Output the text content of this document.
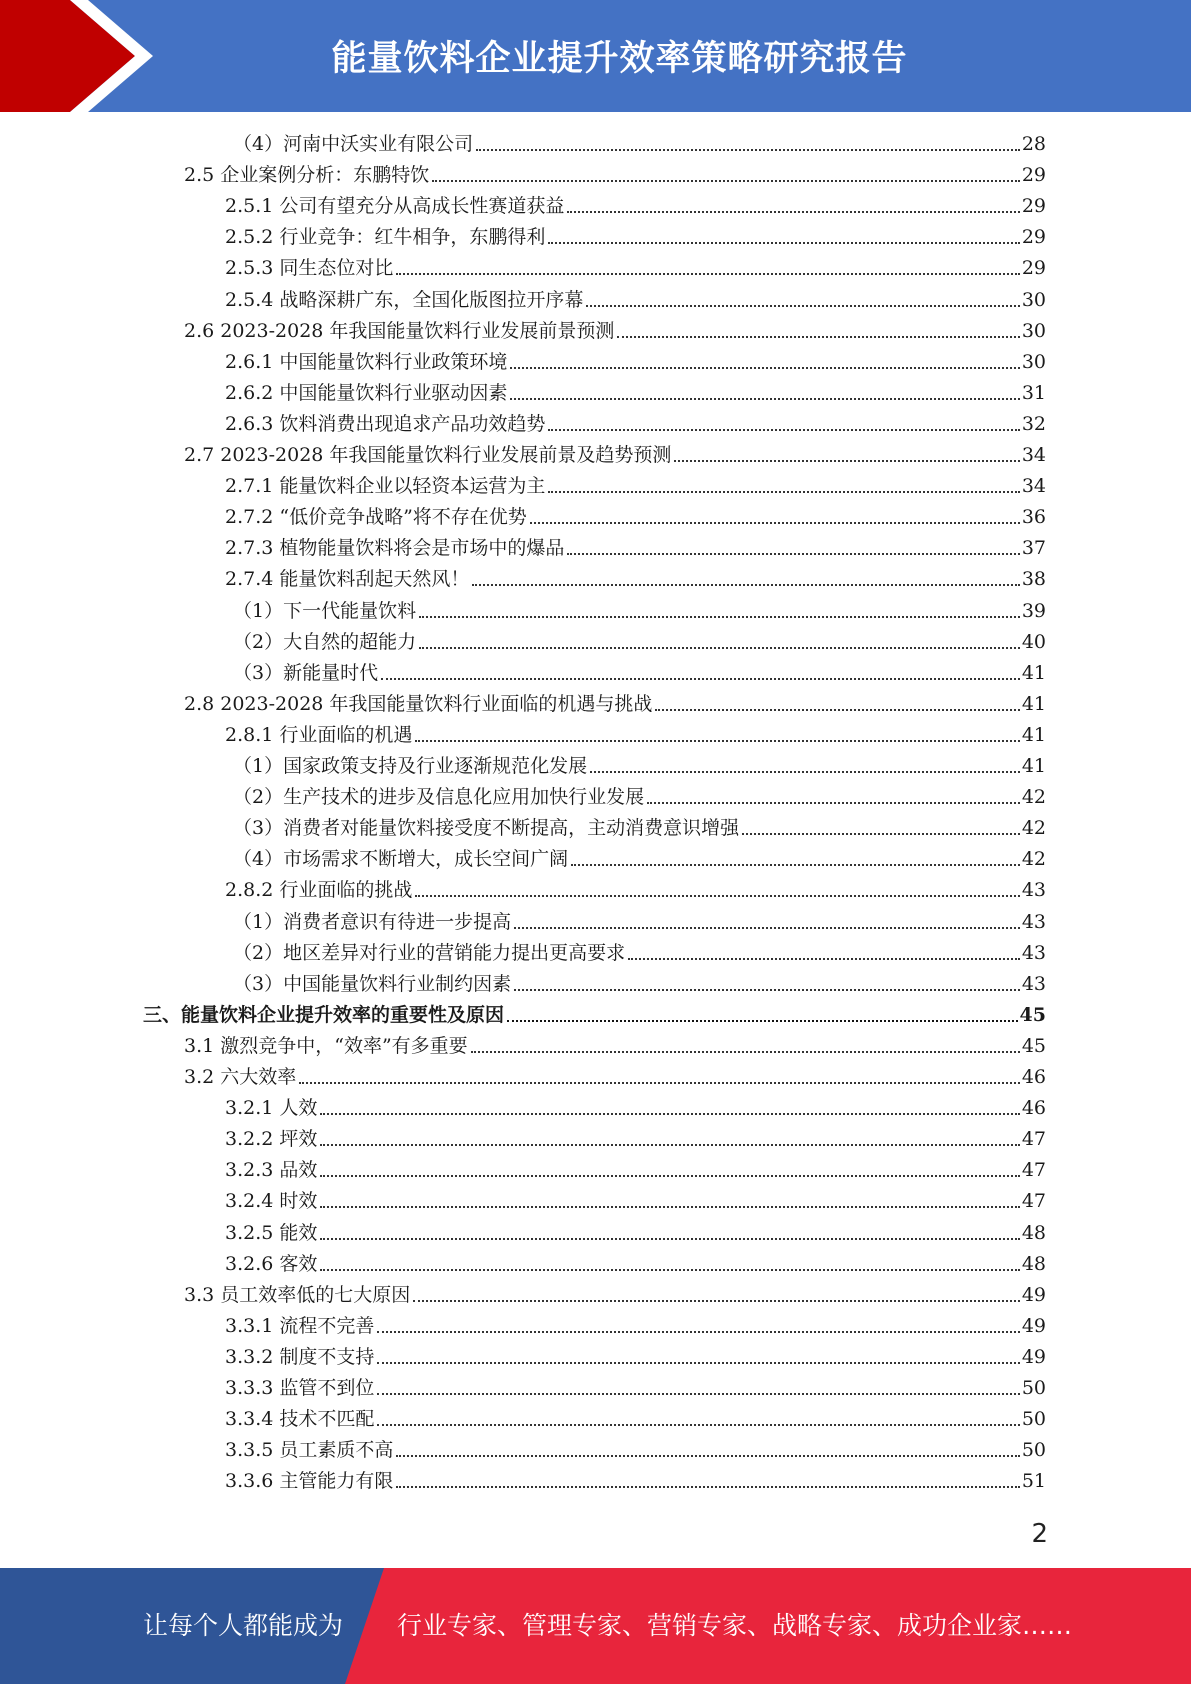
能量饮料企业提升效率策略研究报告
（4）河南中沃实业有限公司	28
2.5 企业案例分析：东鹏特饮	29
2.5.1 公司有望充分从高成长性赛道获益	29
2.5.2 行业竞争：红牛相争，东鹏得利	29
2.5.3 同生态位对比	29
2.5.4 战略深耕广东，全国化版图拉开序幕	30
2.6 2023-2028 年我国能量饮料行业发展前景预测	30
2.6.1 中国能量饮料行业政策环境	30
2.6.2 中国能量饮料行业驱动因素	31
2.6.3 饮料消费出现追求产品功效趋势	32
2.7 2023-2028 年我国能量饮料行业发展前景及趋势预测	34
2.7.1 能量饮料企业以轻资本运营为主	34
2.7.2 “低价竞争战略”将不存在优势	36
2.7.3 植物能量饮料将会是市场中的爆品	37
2.7.4 能量饮料刮起天然风！	38
（1）下一代能量饮料	39
（2）大自然的超能力	40
（3）新能量时代	41
2.8 2023-2028 年我国能量饮料行业面临的机遇与挑战	41
2.8.1 行业面临的机遇	41
（1）国家政策支持及行业逐渐规范化发展	41
（2）生产技术的进步及信息化应用加快行业发展	42
（3）消费者对能量饮料接受度不断提高，主动消费意识增强	42
（4）市场需求不断增大，成长空间广阔	42
2.8.2 行业面临的挑战	43
（1）消费者意识有待进一步提高	43
（2）地区差异对行业的营销能力提出更高要求	43
（3）中国能量饮料行业制约因素	43
三、能量饮料企业提升效率的重要性及原因	45
3.1 激烈竞争中，“效率”有多重要	45
3.2 六大效率	46
3.2.1 人效	46
3.2.2 坪效	47
3.2.3 品效	47
3.2.4 时效	47
3.2.5 能效	48
3.2.6 客效	48
3.3 员工效率低的七大原因	49
3.3.1 流程不完善	49
3.3.2 制度不支持	49
3.3.3 监管不到位	50
3.3.4 技术不匹配	50
3.3.5 员工素质不高	50
3.3.6 主管能力有限	51
2
让每个人都能成为 行业专家、管理专家、营销专家、战略专家、成功企业家……
